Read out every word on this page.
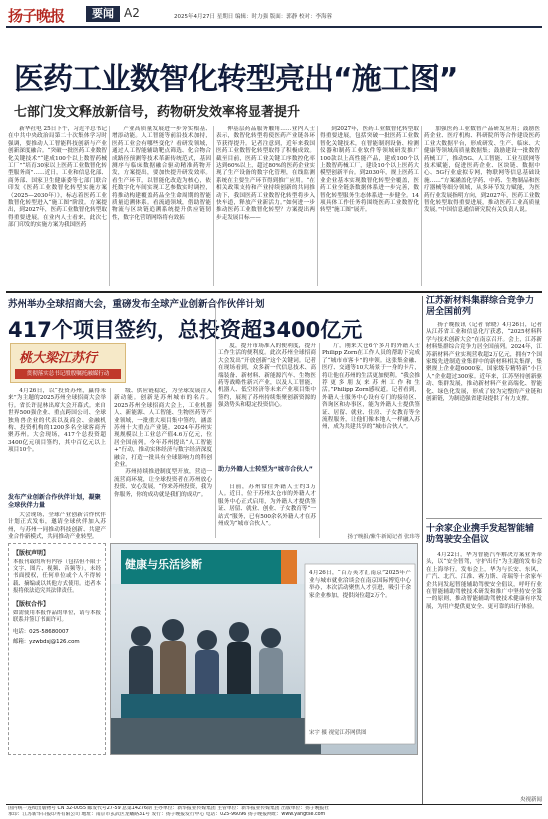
扬子晚报	要闻 A2	2025年4月27日 星期日 编辑：时力强 版面：郭静 校对：李海蓉
医药工业数智化转型亮出“施工图”
七部门发文释放新信号，药物研发效率将显著提升

新华社电 25日下午，习近平总书记在中共中央政治局第二十次集体学习时强调，要推动人工智能科技创新与产业创新深度融合。“突破一批医药工业数智化关键技术”“建成100个以上数智药械工厂”“培育30家以上医药工业数智化转型服务商”……近日，工业和信息化部、商务部、国家卫生健康委等七部门联合印发《医药工业数智化转型实施方案（2025—2030年）》，标志着医药工业数智化转型进入“施工图”阶段。方案提出，到2027年，医药工业数智化转型取得重要进展。在业内人士看来，此次七部门印发的实施方案为我国医药

产业高质量发展进一步夯实根基、增添动能。人工智能等前沿技术加持，医药工业会有哪些变化？看研发领域，通过人工智能辅助靶点筛选、化合物合成路径预测等技术革新传统范式，基因测序与临床数据融合驱动精准药物开发，方案提出，要加快提升研发效率。看生产环节，以智能化改造为核心，依托数字化车间实现工艺参数实时调控，将推动构建覆盖药品全生命周期的智能质量追溯体系。看流通领域，借助智能物流与区块链追溯系统提升供应链韧性，数字化营销网络将有效拓

伸基层药品服务触角……业内人士表示，数智化转型将使医药产业链各环节获得提升。记者注意到，近年来我国医药工业数智化转型取得了积极成效。截至目前，医药工业关键工序数控化率达到60%以上，超过80%的医药企业实现了生产设备的数字化管理，在线监测系统在主要生产环节得到推广应用。“在相关政策支持和产业持续创新的共同推动下，我国医药工业数智化转型将步入快车道，释放产业新活力。”如何进一步推动医药工业数智化转型？方案提出两步走发展目标——

到2027年，医药工业数智化转型取得重要进展，包括突破一批医药工业数智化关键技术，在智能制剂设备、检测仪器和制药工业软件等领域研发推广100款以上高性能产品，建成100个以上数智药械工厂，建设10个以上医药大模型创新平台。到2030年，规上医药工业企业基本实现数智化转型全覆盖，医药工业全链条数据体系进一步完善，数智化转型服务生态体系进一步健全。14项具体工作任务将围绕医药工业数智化转型“施工图”展开。

加强医药工业数智产品研发应用；鼓励医药企业、医疗机构、科研院所等合作建设医药工业大数据平台，形成研发、生产、临床、大健康等领域高质量数据集；鼓励建设一批数智药械工厂，推动5G、人工智能、工业互联网等技术赋能，促进医药企业、区块链、数据中心、5G行业虚拟专网，物联网等信息基础设施……“方案涵盖化学药、中药、生物制品和医疗器械等细分领域，从多环节发力赋能，为医药行业发展指明方向，到2027年，医药工业数智化转型取得重要进展，推动医药工业高质量发展。”中国信息通信研究院有关负责人说。

苏州举办全球招商大会，重磅发布全球产业创新合作伙伴计划
417个项目签约，总投资超3400亿元
桃大梁江苏行
贯彻落实总书记殷殷嘱托融媒行动

4月26日，以“投资苏州，赢得未来”为主题的2025苏州全球招商大会举行。省长许昆林出席大会开幕式。来自世界500强企业、重点跨国公司、全球独角兽企业的代表以及商会、金融机构、投资机构的1200多名全球客商齐聚苏州。大会现场，417个总投资超3400亿元项目签约，其中百亿元以上项目10个。

发布产业创新合作伙伴计划，凝聚全球伙伴力量

大会现场，全球产业创新合作伙伴计划正式发布，邀请全球伙伴加入苏州，与苏州一同推动科技创新、共建产业合作新模式，共同推动产业转型。

级、供应链稳定，为全球发展注入新动能。创新是苏州城市的名片。2025苏州全球招商大会上，工业机器人、新能源、人工智能、生物医药等产业领域，一批重大项目集中签约，涵盖苏州十大重点产业链。2024年苏州实现规模以上工业总产值4.6万亿元，位居全国前列。今年苏州提出“人工智能+”行动，推动实体经济与数字经济深度融合，打造一批具有全球影响力的科创企业。

苏州持续推进制度型开放，营造一流营商环境，让全球投资者在苏州放心投资、安心发展，“你来苏州投资，我为你服务，你的成功就是我们的成功”。

度，提升市场准入的便利度，提升工作生活的便利度。此次苏州全球招商大会发出“开放创新”这个关键词。记者在现场看到，众多新一代信息技术、高端装备、新材料、新能源汽车、生物医药等战略性新兴产业，以及人工智能、机器人、低空经济等未来产业项目集中签约，展现了苏州持续集聚创新资源的强劲势头和稳定投资信心。

助力外籍人士转型为“城市合伙人”

日前，苏州常住外籍人士约3万人。近日，位于苏州太仓市的外籍人才服务中心正式启用，为外籍人才提供签证、居留、就业、创业、子女教育等“一站式”服务，已有500余名外籍人才在苏州成为“城市合伙人”。

厅，刚来大仓6个多月的外籍人士Philipp Zorn在工作人员的帮助下完成了“城市市客卡”的申领。这张集金融、医疗、交通等10大场景于一身的卡片，将让他在苏州的生活更加便利。“我会推荐更多朋友来苏州工作和生活。”Philipp Zorn感叹道。记者看到，外籍人士服务中心设有专门的接待区、咨询区和办事区，能为外籍人士提供签证、居留、就业、住房、子女教育等全流程服务，让他们像本地人一样融入苏州，成为共建共享的“城市合伙人”。

扬子晚报/紫牛新闻记者 张玮等
江苏新材料集群综合竞争力居全国前列

扬子晚报讯（记者 徐晓）4月26日，记者从江苏省工业和信息化厅获悉，“2025材料科学与技术创新大会”在南京召开。会上，江苏新材料集群综合竞争力居全国前列。2024年，江苏新材料产业实现营收超2万亿元，拥有7个国家级先进制造业集群中的新材料相关集群，集聚规上企业超6000家，国家级专精特新“小巨人”企业超过300家。近年来，江苏坚持创新驱动、集群发展，推动新材料产业高端化、智能化、绿色化发展，形成了较为完整的产业链和创新链，为制造强省建设提供了有力支撑。

十余家企业携手发起智能辅助驾驶安全倡议

4月22日，华为智能汽车解决方案业务牵头，以“安全智驾，守护出行”为主题的发布会在上海举行。发布会上，华为与长安、东风、广汽、北汽、江淮、赛力斯、奇瑞等十余家车企共同发起智能辅助驾驶安全倡议，呼吁行业在智能辅助驾驶技术研发和推广中坚持安全第一的原则，推动智能辅助驾驶技术健康有序发展，为用户提供更安全、更可靠的出行体验。

央视新闻
【版权声明】
本报刊载的所有内容（包括但不限于文字、图片、视频、音频等），未经书面授权，任何单位或个人不得转载、摘编或以其他方式使用。违者本报将依法追究其法律责任。
【版权合作】
如需使用本报作品的单位，请与本报联系并签订书面许可。
电话：025-58680007
邮箱：yzwbdsj@126.com
健康与乐活诊断
4月26日，“百万英才汇南京”2025年产业与城市就业洽谈会在南京国际博览中心举办，本次活动聚焦人才引进，吸引千余家企业参加，提供岗位超2万个。
宋宇 摄 视觉江苏网供图
国内统一连续出版物号 CN 32-0055 邮发代号27-59 总第14276期 主办单位：新华报业传媒集团 主管单位：新华报业传媒集团 出版单位：扬子晚报社
承印：江苏新华日报印务有限公司 地址：南京市玄武区龙蟠路31号 发行：扬子晚报发行中心 电话：025-96096 扬子晚报网址：www.yangtse.com
